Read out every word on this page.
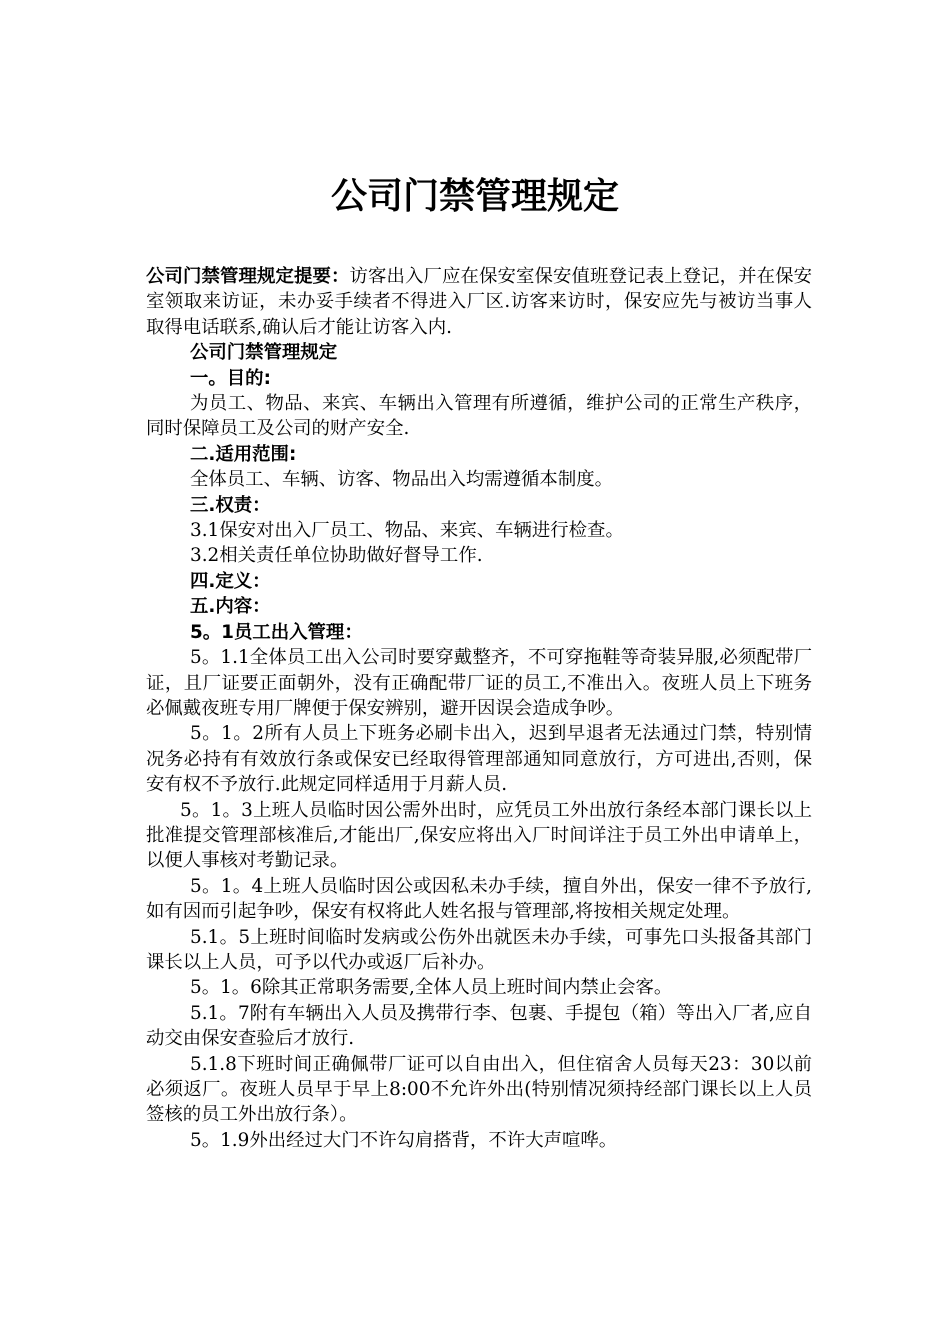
公司门禁管理规定

公司门禁管理规定提要：访客出入厂应在保安室保安值班登记表上登记，并在保安室领取来访证，未办妥手续者不得进入厂区.访客来访时，保安应先与被访当事人取得电话联系,确认后才能让访客入内.

公司门禁管理规定

一。目的:

为员工、物品、来宾、车辆出入管理有所遵循，维护公司的正常生产秩序，同时保障员工及公司的财产安全.

二.适用范围:

全体员工、车辆、访客、物品出入均需遵循本制度。

三.权责：

3.1保安对出入厂员工、物品、来宾、车辆进行检查。

3.2相关责任单位协助做好督导工作.

四.定义：

五.内容：

5。1员工出入管理：

5。1.1全体员工出入公司时要穿戴整齐，不可穿拖鞋等奇装异服,必须配带厂证，且厂证要正面朝外，没有正确配带厂证的员工,不准出入。夜班人员上下班务必佩戴夜班专用厂牌便于保安辨别，避开因误会造成争吵。

5。1。2所有人员上下班务必刷卡出入，迟到早退者无法通过门禁，特别情况务必持有有效放行条或保安已经取得管理部通知同意放行，方可进出,否则，保安有权不予放行.此规定同样适用于月薪人员.

5。1。3上班人员临时因公需外出时，应凭员工外出放行条经本部门课长以上批准提交管理部核准后,才能出厂,保安应将出入厂时间详注于员工外出申请单上，以便人事核对考勤记录。

5。1。4上班人员临时因公或因私未办手续，擅自外出，保安一律不予放行,如有因而引起争吵，保安有权将此人姓名报与管理部,将按相关规定处理。

5.1。5上班时间临时发病或公伤外出就医未办手续，可事先口头报备其部门课长以上人员，可予以代办或返厂后补办。

5。1。6除其正常职务需要,全体人员上班时间内禁止会客。

5.1。7附有车辆出入人员及携带行李、包裹、手提包（箱）等出入厂者,应自动交由保安查验后才放行.

5.1.8下班时间正确佩带厂证可以自由出入，但住宿舍人员每天23：30以前必须返厂。夜班人员早于早上8:00不允许外出(特别情况须持经部门课长以上人员签核的员工外出放行条）。

5。1.9外出经过大门不许勾肩搭背，不许大声喧哗。
